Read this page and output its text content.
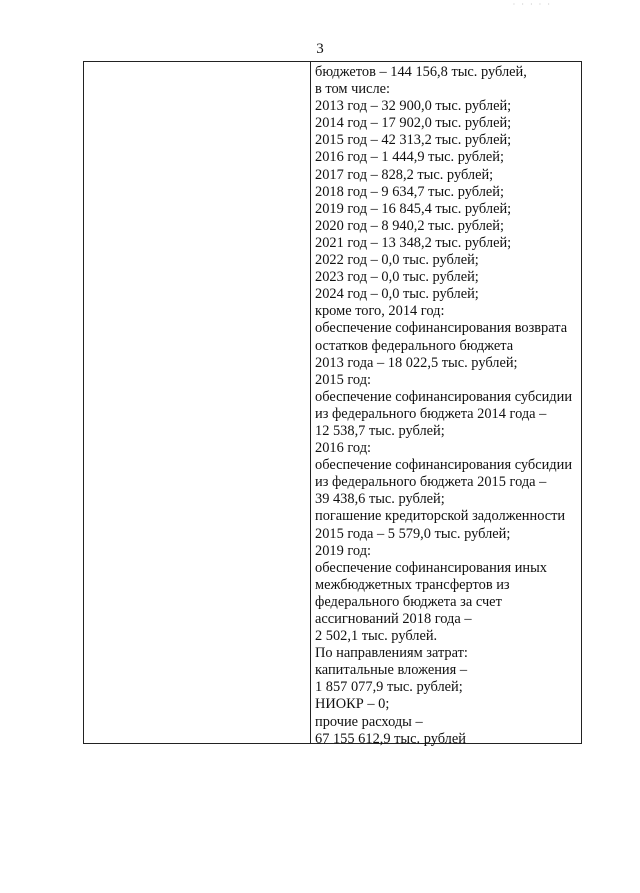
· · · · ·
3
бюджетов – 144 156,8 тыс. рублей,
в том числе:
2013 год – 32 900,0 тыс. рублей;
2014 год – 17 902,0 тыс. рублей;
2015 год – 42 313,2 тыс. рублей;
2016 год – 1 444,9 тыс. рублей;
2017 год – 828,2 тыс. рублей;
2018 год – 9 634,7 тыс. рублей;
2019 год – 16 845,4 тыс. рублей;
2020 год – 8 940,2 тыс. рублей;
2021 год – 13 348,2 тыс. рублей;
2022 год – 0,0 тыс. рублей;
2023 год – 0,0 тыс. рублей;
2024 год – 0,0 тыс. рублей;
кроме того, 2014 год:
обеспечение софинансирования возврата
остатков федерального бюджета
2013 года – 18 022,5 тыс. рублей;
2015 год:
обеспечение софинансирования субсидии
из федерального бюджета 2014 года –
12 538,7 тыс. рублей;
2016 год:
обеспечение софинансирования субсидии
из федерального бюджета 2015 года –
39 438,6 тыс. рублей;
погашение кредиторской задолженности
2015 года – 5 579,0 тыс. рублей;
2019 год:
обеспечение софинансирования иных
межбюджетных трансфертов из
федерального бюджета за счет
ассигнований 2018 года –
2 502,1 тыс. рублей.
По направлениям затрат:
капитальные вложения –
1 857 077,9 тыс. рублей;
НИОКР – 0;
прочие расходы –
67 155 612,9 тыс. рублей
